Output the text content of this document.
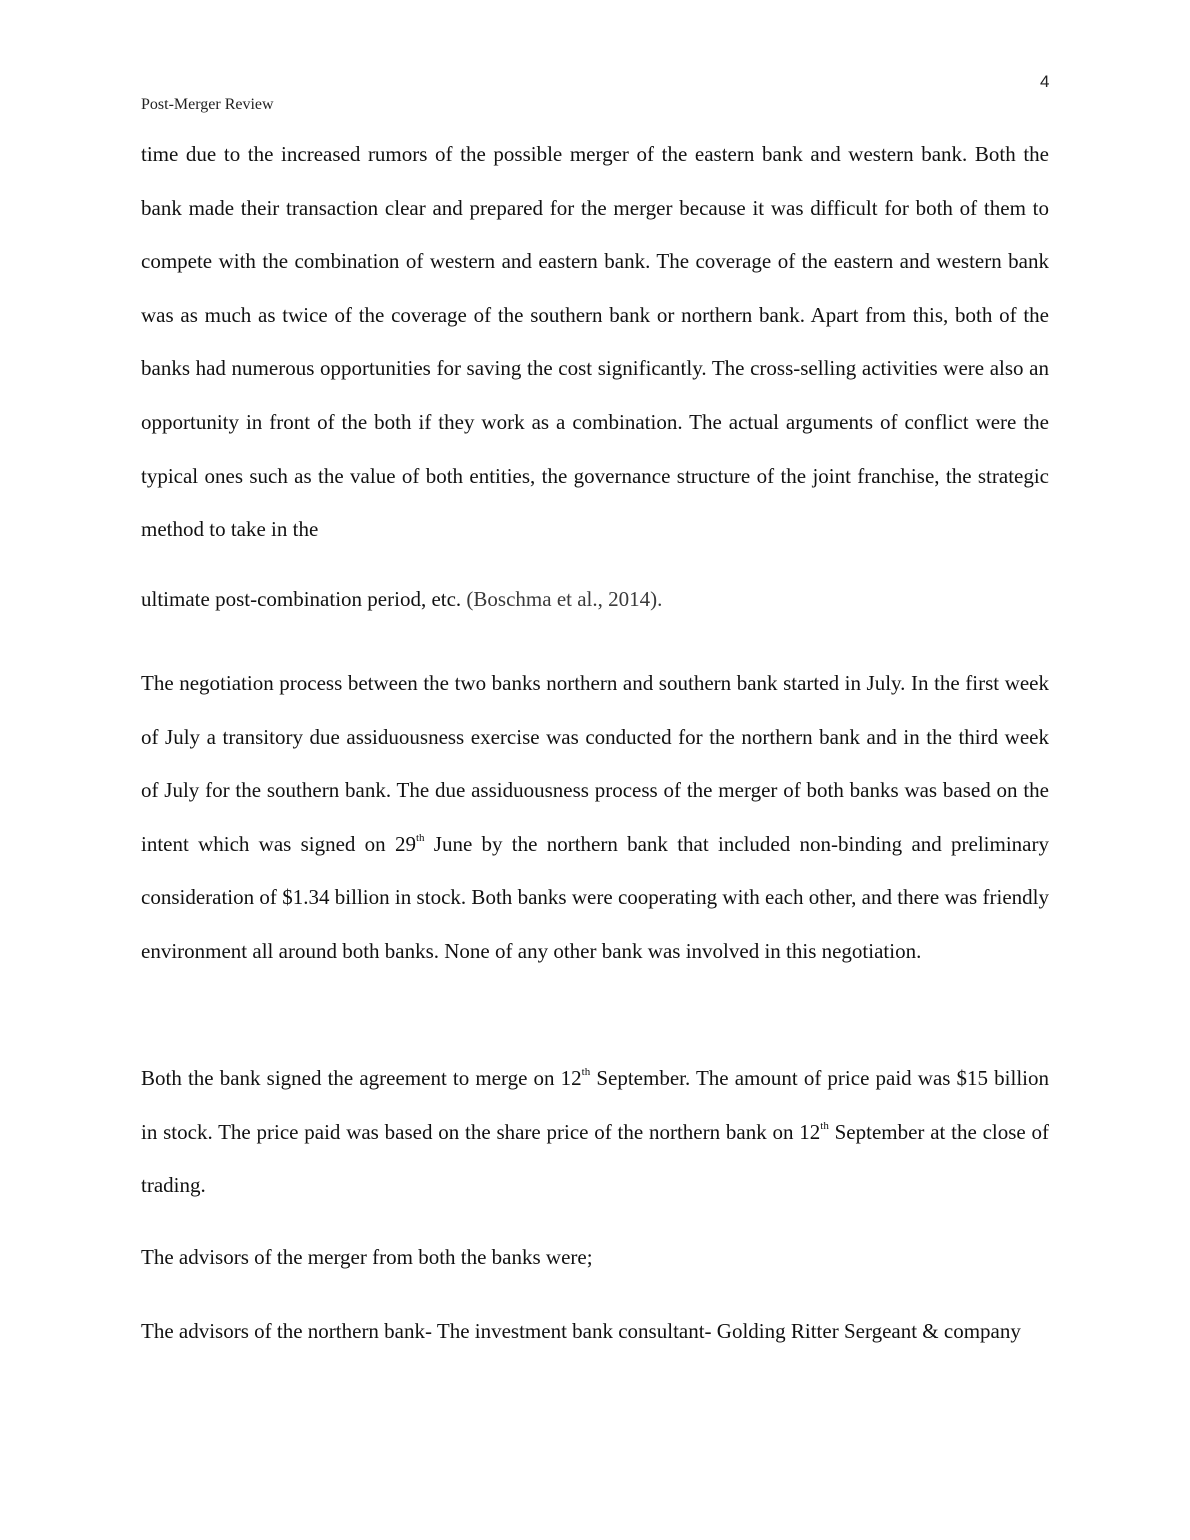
4
Post-Merger Review

time due to the increased rumors of the possible merger of the eastern bank and western bank. Both the bank made their transaction clear and prepared for the merger because it was difficult for both of them to compete with the combination of western and eastern bank. The coverage of the eastern and western bank was as much as twice of the coverage of the southern bank or northern bank. Apart from this, both of the banks had numerous opportunities for saving the cost significantly. The cross-selling activities were also an opportunity in front of the both if they work as a combination. The actual arguments of conflict were the typical ones such as the value of both entities, the governance structure of the joint franchise, the strategic method to take in the

ultimate post-combination period, etc. (Boschma et al., 2014).

The negotiation process between the two banks northern and southern bank started in July. In the first week of July a transitory due assiduousness exercise was conducted for the northern bank and in the third week of July for the southern bank. The due assiduousness process of the merger of both banks was based on the intent which was signed on 29th June by the northern bank that included non-binding and preliminary consideration of $1.34 billion in stock. Both banks were cooperating with each other, and there was friendly environment all around both banks. None of any other bank was involved in this negotiation.

Both the bank signed the agreement to merge on 12th September. The amount of price paid was $15 billion in stock. The price paid was based on the share price of the northern bank on 12th September at the close of trading.

The advisors of the merger from both the banks were;

The advisors of the northern bank- The investment bank consultant- Golding Ritter Sergeant & company
